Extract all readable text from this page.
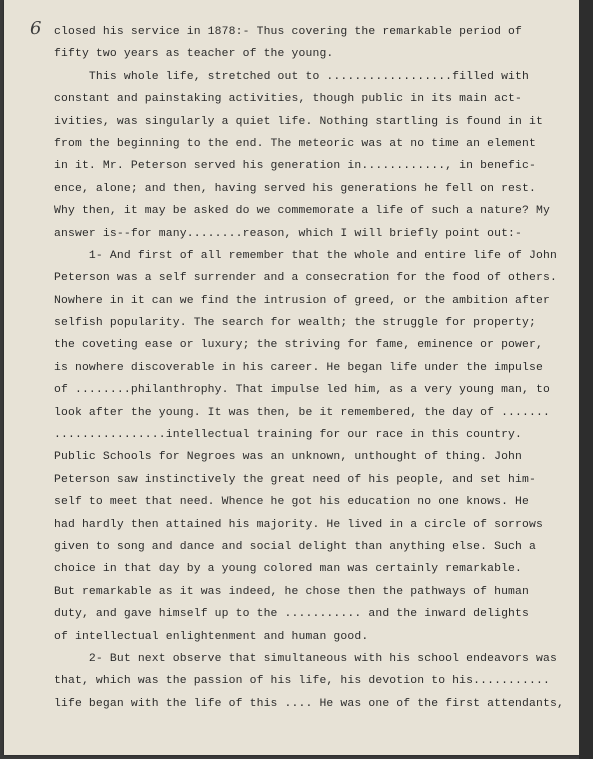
6 closed his service in 1878:- Thus covering the remarkable period of
fifty two years as teacher of the young.
This whole life, stretched out to ..................filled with
constant and painstaking activities, though public in its main act-
ivities, was singularly a quiet life. Nothing startling is found in it
from the beginning to the end. The meteoric was at no time an element
in it. Mr. Peterson served his generation in............, in benefic-
ence, alone; and then, having served his generations he fell on rest.
Why then, it may be asked do we commemorate a life of such a nature? My
answer is--for many........reason, which I will briefly point out:-
1- And first of all remember that the whole and entire life of John
Peterson was a self surrender and a consecration for the food of others.
Nowhere in it can we find the intrusion of greed, or the ambition after
selfish popularity. The search for wealth; the struggle for property;
the coveting ease or luxury; the striving for fame, eminence or power,
is nowhere discoverable in his career. He began life under the impulse
of ........philanthrophy. That impulse led him, as a very young man, to
look after the young. It was then, be it remembered, the day of .......
................intellectual training for our race in this country.
Public Schools for Negroes was an unknown, unthought of thing. John
Peterson saw instinctively the great need of his people, and set him-
self to meet that need. Whence he got his education no one knows. He
had hardly then attained his majority. He lived in a circle of sorrows
given to song and dance and social delight than anything else. Such a
choice in that day by a young colored man was certainly remarkable.
But remarkable as it was indeed, he chose then the pathways of human
duty, and gave himself up to the ........... and the inward delights
of intellectual enlightenment and human good.
2- But next observe that simultaneous with his school endeavors was
that, which was the passion of his life, his devotion to his...........
life began with the life of this .... He was one of the first attendants,
